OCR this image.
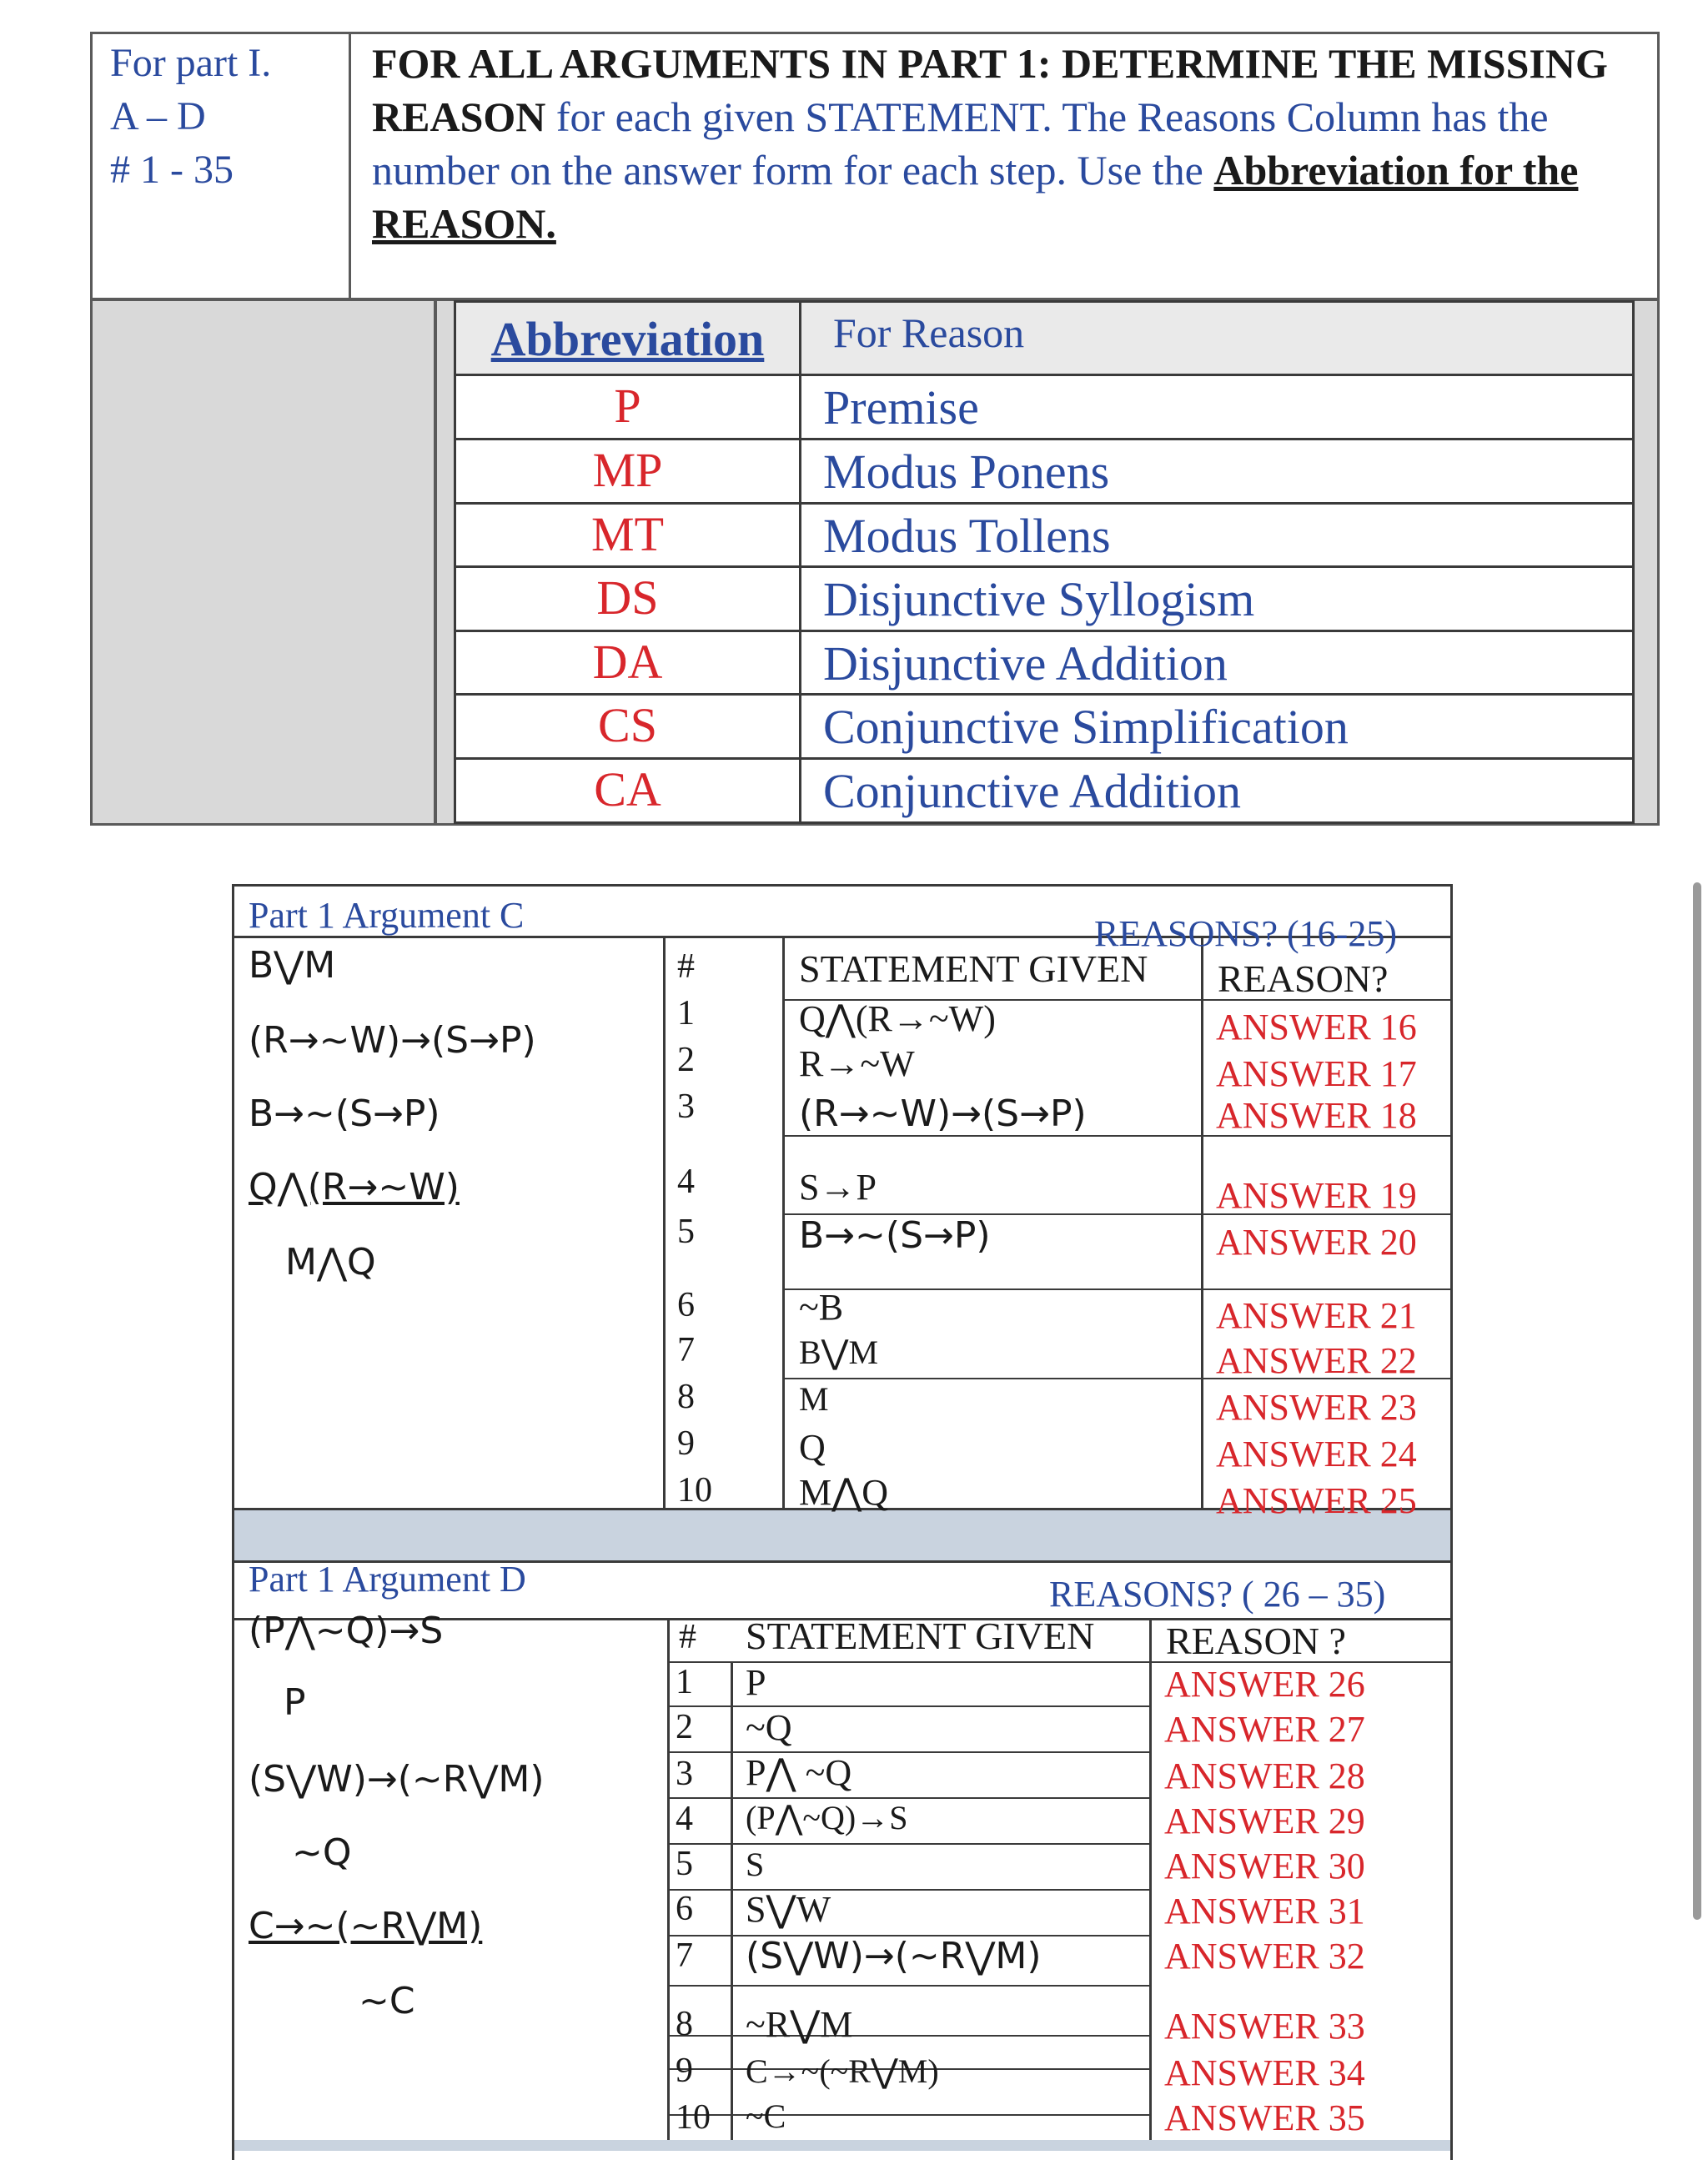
For part I.
A – D
# 1 - 35
FOR ALL ARGUMENTS IN PART 1: DETERMINE THE MISSING REASON for each given STATEMENT. The Reasons Column has the number on the answer form for each step. Use the Abbreviation for the REASON.
Abbreviation	For Reason
P	Premise
MP	Modus Ponens
MT	Modus Tollens
DS	Disjunctive Syllogism
DA	Disjunctive Addition
CS	Conjunctive Simplification
CA	Conjunctive Addition
Part 1 Argument C	REASONS? (16-25)
B⋁M
(R→~W)→(S→P)
B→~(S→P)
Q⋀(R→~W)
M⋀Q
#	STATEMENT GIVEN REASON?
1	Q⋀(R→~W)	ANSWER 16
2	R→~W	ANSWER 17
3	(R→~W)→(S→P)	ANSWER 18
4	S→P	ANSWER 19
5	B→~(S→P)	ANSWER 20
6	~B	ANSWER 21
7	B⋁M	ANSWER 22
8	M	ANSWER 23
9	Q	ANSWER 24
10 M⋀Q	ANSWER 25
Part 1 Argument D	REASONS? ( 26 – 35)
(P⋀~Q)→S
P
(S⋁W)→(~R⋁M)
~Q
C→~(~R⋁M)
~C
# STATEMENT GIVEN REASON ?
1 P	ANSWER 26
2 ~Q	ANSWER 27
3 P⋀ ~Q	ANSWER 28
4 (P⋀~Q)→S	ANSWER 29
5 S	ANSWER 30
6 S⋁W	ANSWER 31
7 (S⋁W)→(~R⋁M)	ANSWER 32
8 ~R⋁M	ANSWER 33
9 C→~(~R⋁M)	ANSWER 34
10 ~C	ANSWER 35
